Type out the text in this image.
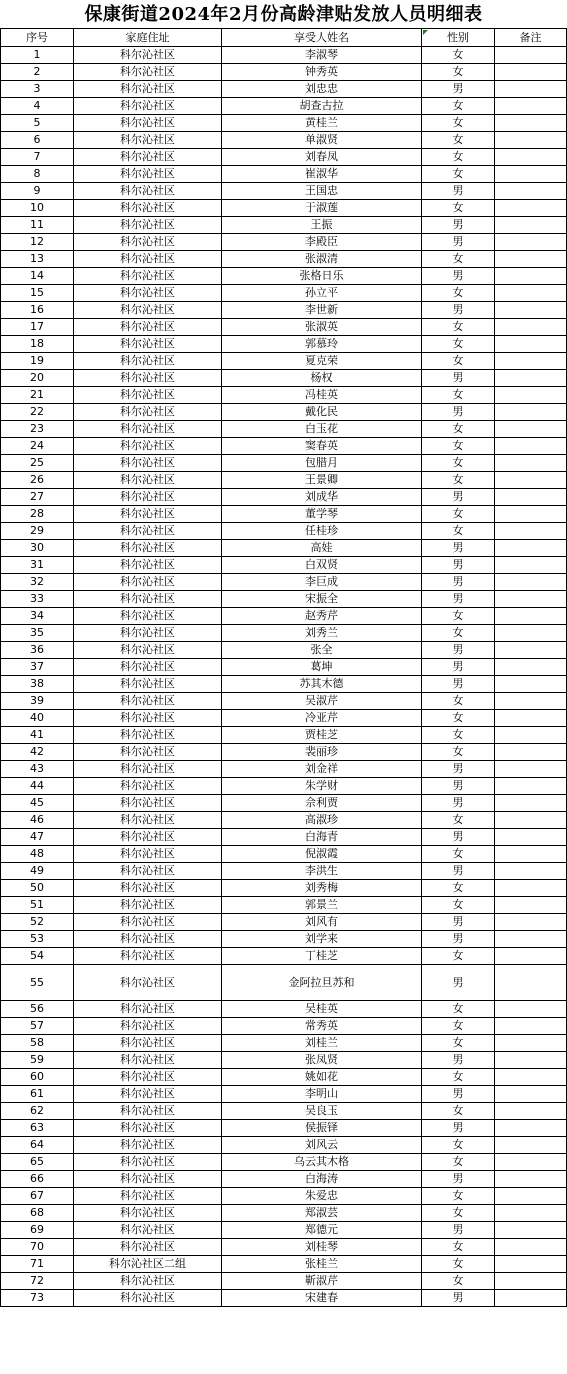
保康街道2024年2月份高龄津贴发放人员明细表
序号	家庭住址	享受人姓名	性别	备注
1	科尔沁社区	李淑琴	女	
2	科尔沁社区	钟秀英	女	
3	科尔沁社区	刘忠忠	男	
4	科尔沁社区	胡查古拉	女	
5	科尔沁社区	黄桂兰	女	
6	科尔沁社区	单淑贤	女	
7	科尔沁社区	刘春凤	女	
8	科尔沁社区	崔淑华	女	
9	科尔沁社区	王国忠	男	
10	科尔沁社区	于淑莲	女	
11	科尔沁社区	王振	男	
12	科尔沁社区	李殿臣	男	
13	科尔沁社区	张淑清	女	
14	科尔沁社区	张格日乐	男	
15	科尔沁社区	孙立平	女	
16	科尔沁社区	李世新	男	
17	科尔沁社区	张淑英	女	
18	科尔沁社区	郭慕玲	女	
19	科尔沁社区	夏克荣	女	
20	科尔沁社区	杨权	男	
21	科尔沁社区	冯桂英	女	
22	科尔沁社区	戴化民	男	
23	科尔沁社区	白玉花	女	
24	科尔沁社区	窦春英	女	
25	科尔沁社区	包腊月	女	
26	科尔沁社区	王景卿	女	
27	科尔沁社区	刘成华	男	
28	科尔沁社区	董学琴	女	
29	科尔沁社区	任桂珍	女	
30	科尔沁社区	高娃	男	
31	科尔沁社区	白双贤	男	
32	科尔沁社区	李巨成	男	
33	科尔沁社区	宋振全	男	
34	科尔沁社区	赵秀芹	女	
35	科尔沁社区	刘秀兰	女	
36	科尔沁社区	张全	男	
37	科尔沁社区	葛坤	男	
38	科尔沁社区	苏其木德	男	
39	科尔沁社区	吴淑芹	女	
40	科尔沁社区	冷亚芹	女	
41	科尔沁社区	贾桂芝	女	
42	科尔沁社区	裴丽珍	女	
43	科尔沁社区	刘金祥	男	
44	科尔沁社区	朱学财	男	
45	科尔沁社区	佘利贾	男	
46	科尔沁社区	高淑珍	女	
47	科尔沁社区	白海青	男	
48	科尔沁社区	倪淑霞	女	
49	科尔沁社区	李洪生	男	
50	科尔沁社区	刘秀梅	女	
51	科尔沁社区	郭景兰	女	
52	科尔沁社区	刘风有	男	
53	科尔沁社区	刘学来	男	
54	科尔沁社区	丁桂芝	女	
55	科尔沁社区	金阿拉旦苏和	男	
56	科尔沁社区	吴桂英	女	
57	科尔沁社区	常秀英	女	
58	科尔沁社区	刘桂兰	女	
59	科尔沁社区	张凤贤	男	
60	科尔沁社区	姚如花	女	
61	科尔沁社区	李明山	男	
62	科尔沁社区	吴良玉	女	
63	科尔沁社区	侯振铎	男	
64	科尔沁社区	刘风云	女	
65	科尔沁社区	乌云其木格	女	
66	科尔沁社区	白海涛	男	
67	科尔沁社区	朱爱忠	女	
68	科尔沁社区	郑淑芸	女	
69	科尔沁社区	郑德元	男	
70	科尔沁社区	刘桂琴	女	
71	科尔沁社区二组	张桂兰	女	
72	科尔沁社区	靳淑芹	女	
73	科尔沁社区	宋建春	男	
